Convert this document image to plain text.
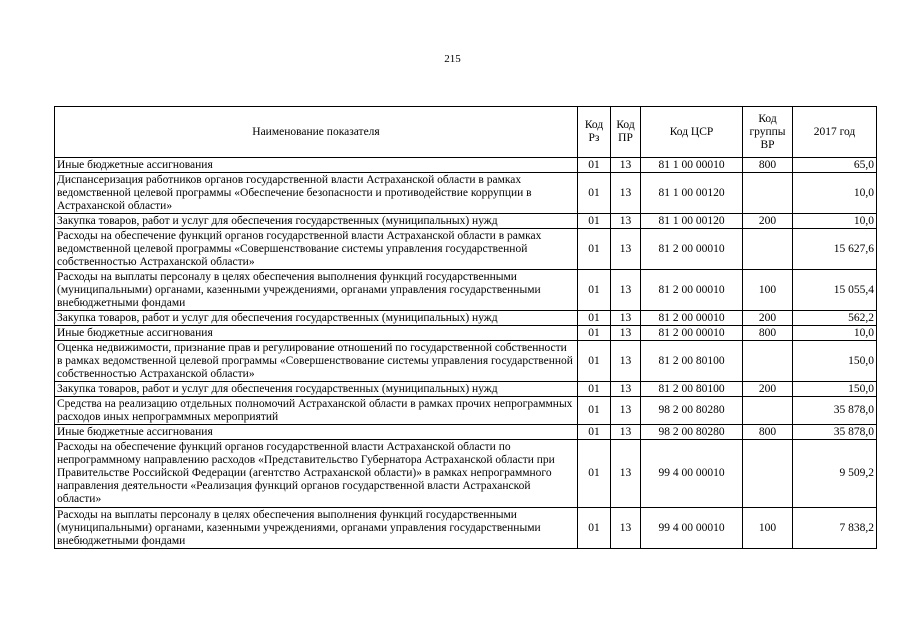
215
Наименование показателя	Код Рз	Код ПР	Код ЦСР	Код группы ВР	2017 год
Иные бюджетные ассигнования	01	13	81 1 00 00010	800	65,0
Диспансеризация работников органов государственной власти Астраханской области в рамках ведомственной целевой программы «Обеспечение безопасности и противодействие коррупции в Астраханской области»	01	13	81 1 00 00120		10,0
Закупка товаров, работ и услуг для обеспечения государственных (муниципальных) нужд	01	13	81 1 00 00120	200	10,0
Расходы на обеспечение функций органов государственной власти Астраханской области в рамках ведомственной целевой программы «Совершенствование системы управления государственной собственностью Астраханской области»	01	13	81 2 00 00010		15 627,6
Расходы на выплаты персоналу в целях обеспечения выполнения функций государственными (муниципальными) органами, казенными учреждениями, органами управления государственными внебюджетными фондами	01	13	81 2 00 00010	100	15 055,4
Закупка товаров, работ и услуг для обеспечения государственных (муниципальных) нужд	01	13	81 2 00 00010	200	562,2
Иные бюджетные ассигнования	01	13	81 2 00 00010	800	10,0
Оценка недвижимости, признание прав и регулирование отношений по государственной собственности в рамках ведомственной целевой программы «Совершенствование системы управления государственной собственностью Астраханской области»	01	13	81 2 00 80100		150,0
Закупка товаров, работ и услуг для обеспечения государственных (муниципальных) нужд	01	13	81 2 00 80100	200	150,0
Средства на реализацию отдельных полномочий Астраханской области в рамках прочих непрограммных расходов иных непрограммных мероприятий	01	13	98 2 00 80280		35 878,0
Иные бюджетные ассигнования	01	13	98 2 00 80280	800	35 878,0
Расходы на обеспечение функций органов государственной власти Астраханской области по непрограммному направлению расходов «Представительство Губернатора Астраханской области при Правительстве Российской Федерации (агентство Астраханской области)» в рамках непрограммного направления деятельности «Реализация функций органов государственной власти Астраханской области»	01	13	99 4 00 00010		9 509,2
Расходы на выплаты персоналу в целях обеспечения выполнения функций государственными (муниципальными) органами, казенными учреждениями, органами управления государственными внебюджетными фондами	01	13	99 4 00 00010	100	7 838,2
